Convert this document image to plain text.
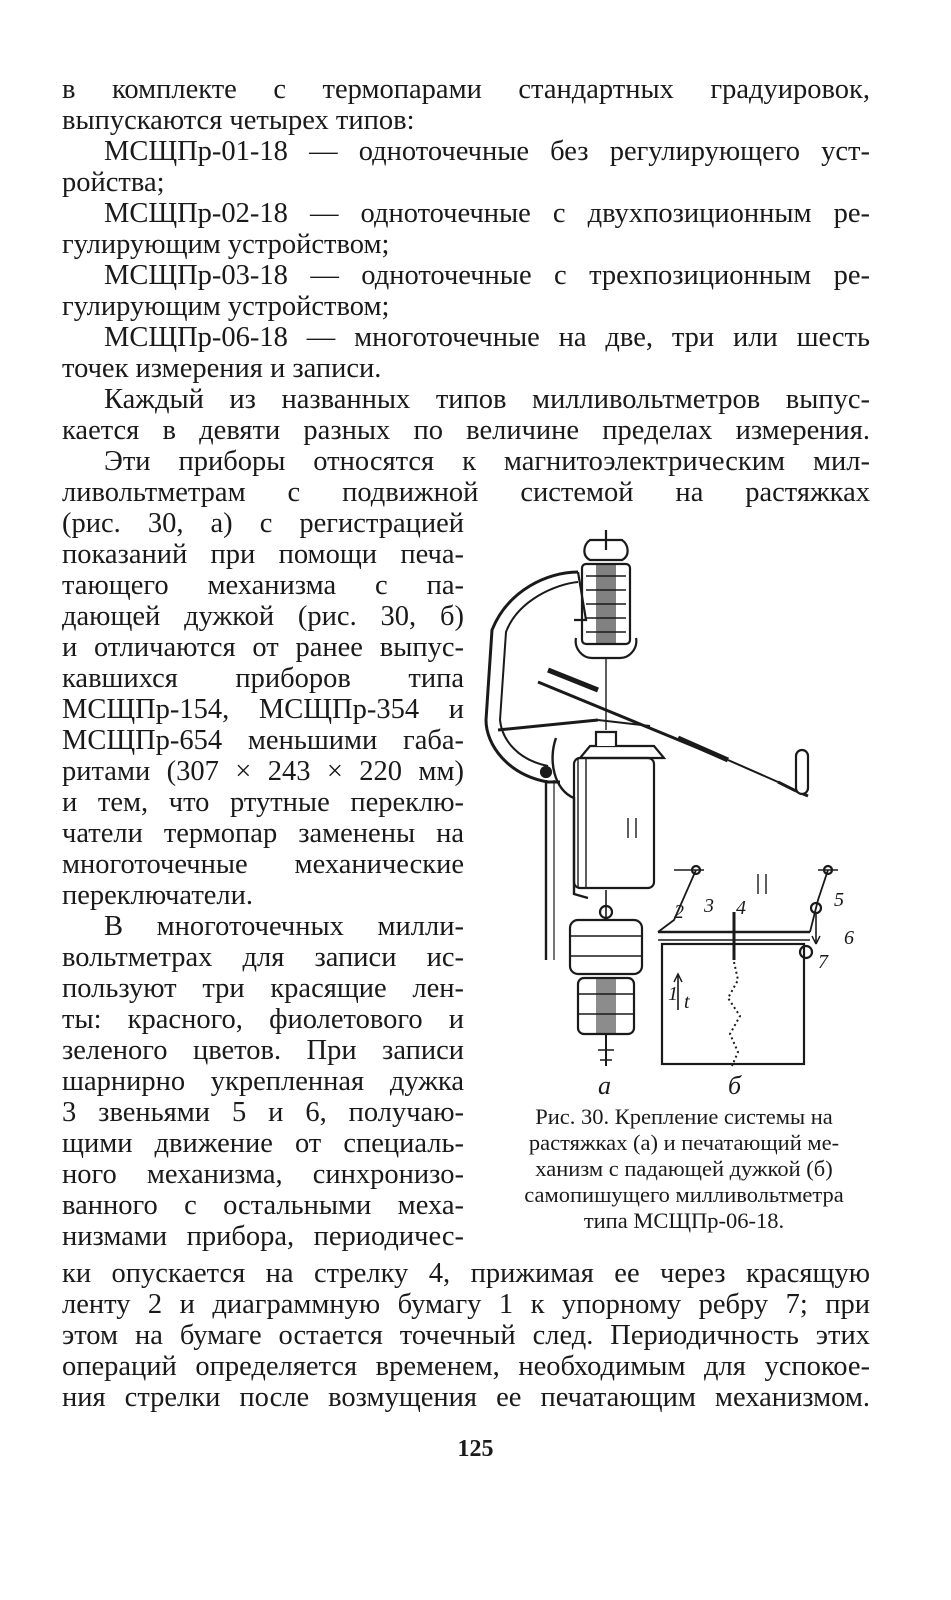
в комплекте с термопарами стандартных градуировок,

выпускаются четырех типов:

МСЩПр-01-18 — одноточечные без регулирующего уст-

ройства;

МСЩПр-02-18 — одноточечные с двухпозиционным ре-

гулирующим устройством;

МСЩПр-03-18 — одноточечные с трехпозиционным ре-

гулирующим устройством;

МСЩПр-06-18 — многоточечные на две, три или шесть

точек измерения и записи.

Каждый из названных типов милливольтметров выпус-

кается в девяти разных по величине пределах измерения.

Эти приборы относятся к магнитоэлектрическим мил-

ливольтметрам с подвижной системой на растяжках

(рис. 30, а) с регистрацией

показаний при помощи печа-

тающего механизма с па-

дающей дужкой (рис. 30, б)

и отличаются от ранее выпус-

кавшихся приборов типа

МСЩПр-154, МСЩПр-354 и

МСЩПр-654 меньшими габа-

ритами (307 × 243 × 220 мм)

и тем, что ртутные переклю-

чатели термопар заменены на

многоточечные механические

переключатели.

В многоточечных милли-

вольтметрах для записи ис-

пользуют три красящие лен-

ты: красного, фиолетового и

зеленого цветов. При записи

шарнирно укрепленная дужка

3 звеньями 5 и 6, получаю-

щими движение от специаль-

ного механизма, синхронизо-

ванного с остальными меха-

низмами прибора, периодичес-

2 3 4	5
6
7
1 t
а	б
Рис. 30. Крепление системы на
растяжках (а) и печатающий ме-
ханизм с падающей дужкой (б)
самопишущего милливольтметра
типа МСЩПр-06-18.

ки опускается на стрелку 4, прижимая ее через красящую

ленту 2 и диаграммную бумагу 1 к упорному ребру 7; при

этом на бумаге остается точечный след. Периодичность этих

операций определяется временем, необходимым для успокое-

ния стрелки после возмущения ее печатающим механизмом.

125
